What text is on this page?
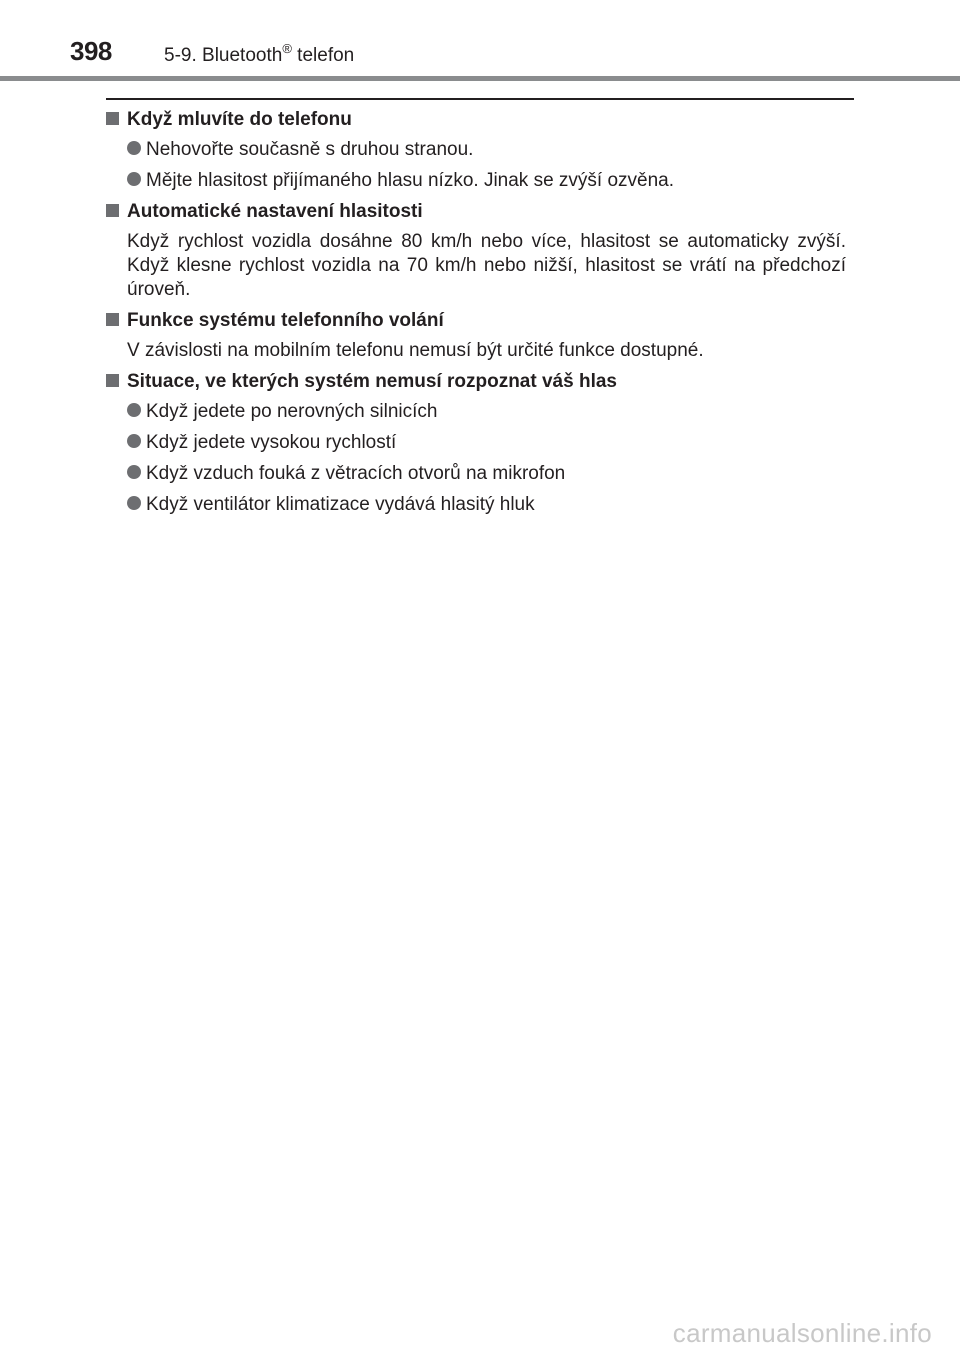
398	5-9. Bluetooth® telefon
Když mluvíte do telefonu
Nehovořte současně s druhou stranou.
Mějte hlasitost přijímaného hlasu nízko. Jinak se zvýší ozvěna.
Automatické nastavení hlasitosti
Když rychlost vozidla dosáhne 80 km/h nebo více, hlasitost se automaticky zvýší. Když klesne rychlost vozidla na 70 km/h nebo nižší, hlasitost se vrátí na předchozí úroveň.
Funkce systému telefonního volání
V závislosti na mobilním telefonu nemusí být určité funkce dostupné.
Situace, ve kterých systém nemusí rozpoznat váš hlas
Když jedete po nerovných silnicích
Když jedete vysokou rychlostí
Když vzduch fouká z větracích otvorů na mikrofon
Když ventilátor klimatizace vydává hlasitý hluk
carmanualsonline.info
